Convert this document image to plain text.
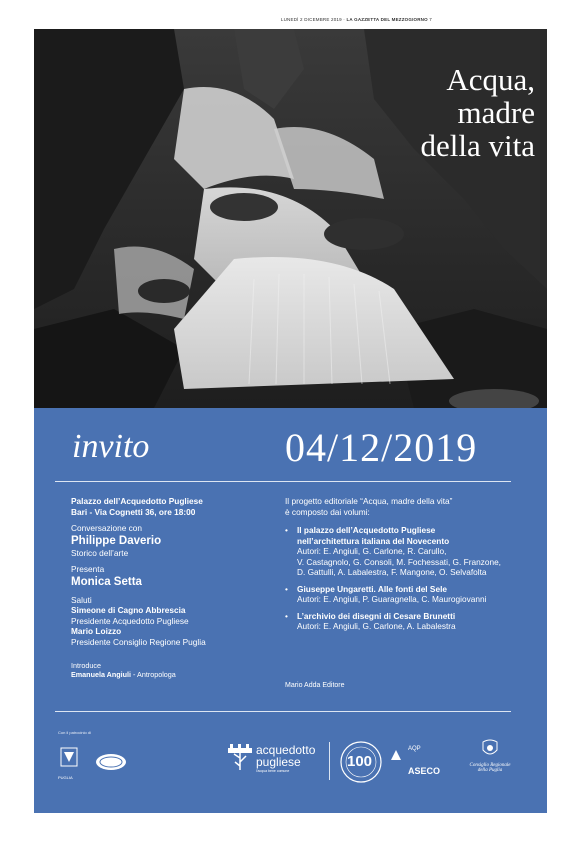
LUNEDÌ 2 DICEMBRE 2019 · LA GAZZETTA DEL MEZZOGIORNO 7
Acqua,
madre
della vita
invito	04/12/2019
Palazzo dell’Acquedotto Pugliese
Bari - Via Cognetti 36, ore 18:00
Conversazione con
Philippe Daverio
Storico dell’arte
Presenta
Monica Setta
Saluti
Simeone di Cagno Abbrescia
Presidente Acquedotto Pugliese
Mario Loizzo
Presidente Consiglio Regione Puglia
Introduce
Emanuela Angiuli - Antropologa
Il progetto editoriale “Acqua, madre della vita”
è composto dai volumi:
• Il palazzo dell’Acquedotto Pugliese
nell’architettura italiana del Novecento
Autori: E. Angiuli, G. Carlone, R. Carullo,
V. Castagnolo, G. Consoli, M. Fochessati, G. Franzone,
D. Gattulli, A. Labalestra, F. Mangone, O. Selvafolta
• Giuseppe Ungaretti. Alle fonti del Sele
Autori: E. Angiuli, P. Guaragnella, C. Maurogiovanni
• L’archivio dei disegni di Cesare Brunetti
Autori: E. Angiuli, G. Carlone, A. Labalestra
Mario Adda Editore
Con il patrocinio di
PUGLIA
acquedotto
pugliese
l’acqua bene comune
100
AQP
ASECO
Consiglio Regionale
della Puglia
